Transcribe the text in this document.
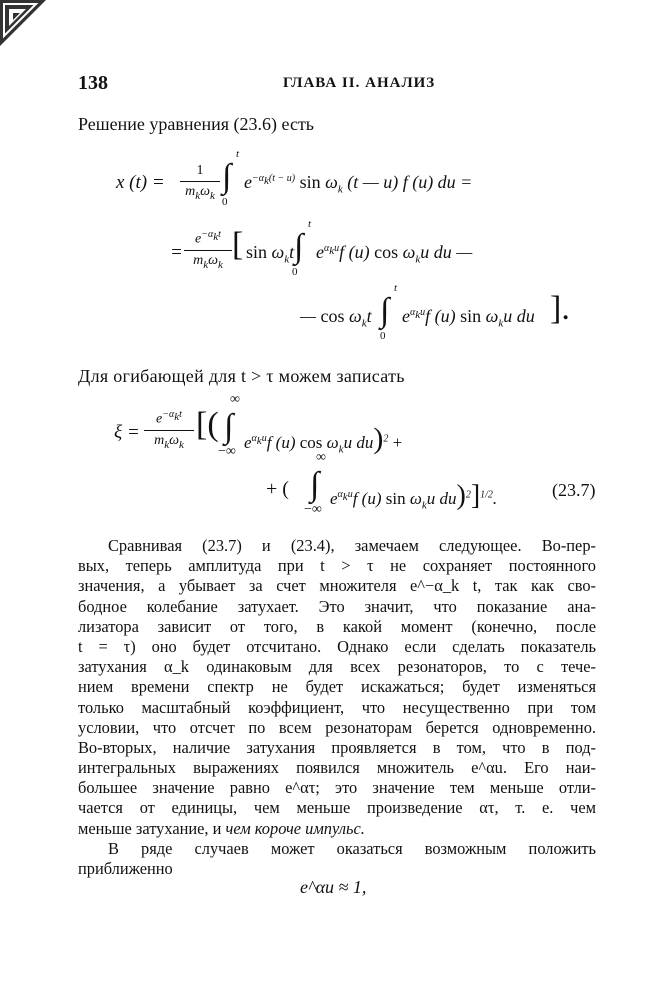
138	ГЛАВА II. АНАЛИЗ
Решение уравнения (23.6) есть
x (t) =
1
$m_k\omega_k$
∫
t
0
$e^{-\alpha_k(t - u)}$ $\sin \omega_k$ (t — u) f (u) du =
=
$e^{-\alpha_kt}$
$m_k\omega_k$
[ $\sin \omega_kt$ ∫
t
0
$e^{\alpha_ku}f$ (u) $\cos \omega_ku$ du —
— $\cos \omega_kt$ ∫
t
0
$e^{\alpha_ku}f$ (u) $\sin \omega_ku$ du ].
Для огибающей для t > τ можем записать
ξ =
$e^{-\alpha_kt}$
$m_k\omega_k$
[( ∫
∞
−∞ $e^{\alpha_ku}f$ (u) $\cos \omega_ku$ du)$^2$ +
+ ( ∫
∞
−∞
$e^{\alpha_ku}f$ (u) $\sin \omega_ku$ du)$^2$]$^{1/2}$.	(23.7)
Сравнивая (23.7) и (23.4), замечаем следующее. Во-пер-
вых, теперь амплитуда при t > τ не сохраняет постоянного
значения, а убывает за счет множителя e^−α_k t, так как сво-
бодное колебание затухает. Это значит, что показание ана-
лизатора зависит от того, в какой момент (конечно, после
t = τ) оно будет отсчитано. Однако если сделать показатель
затухания α_k одинаковым для всех резонаторов, то с тече-
нием времени спектр не будет искажаться; будет изменяться
только масштабный коэффициент, что несущественно при том
условии, что отсчет по всем резонаторам берется одновременно.
Во-вторых, наличие затухания проявляется в том, что в под-
интегральных выражениях появился множитель e^αu. Его наи-
большее значение равно e^ατ; это значение тем меньше отли-
чается от единицы, чем меньше произведение ατ, т. е. чем
меньше затухание, и чем короче импульс.
В ряде случаев может оказаться возможным положить
приближенно
e^αu ≈ 1,
